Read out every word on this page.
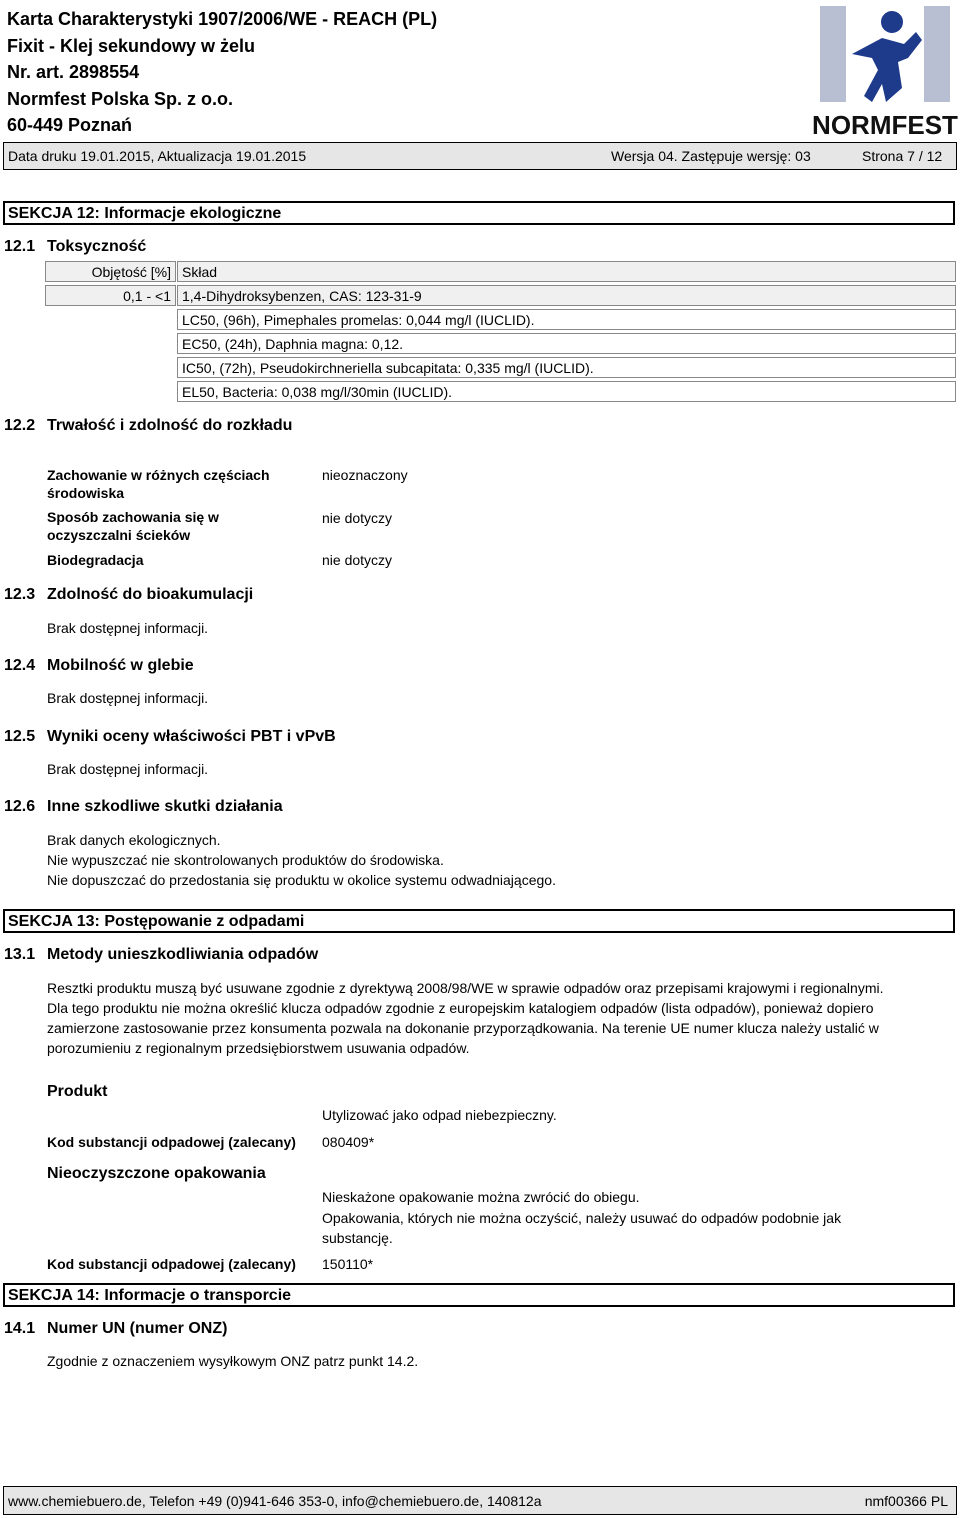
Karta Charakterystyki 1907/2006/WE - REACH (PL)
Fixit - Klej sekundowy w żelu
Nr. art. 2898554
Normfest Polska Sp. z o.o.
60-449 Poznań	NORMFEST
Data druku 19.01.2015, Aktualizacja 19.01.2015	Wersja 04. Zastępuje wersję: 03	Strona 7 / 12
SEKCJA 12: Informacje ekologiczne
12.1 Toksyczność
Objętość [%] Skład
0,1 - <1 1,4-Dihydroksybenzen, CAS: 123-31-9
LC50, (96h), Pimephales promelas: 0,044 mg/l (IUCLID).
EC50, (24h), Daphnia magna: 0,12.
IC50, (72h), Pseudokirchneriella subcapitata: 0,335 mg/l (IUCLID).
EL50, Bacteria: 0,038 mg/l/30min (IUCLID).
12.2 Trwałość i zdolność do rozkładu
Zachowanie w różnych częściach
środowiska
nieoznaczony
Sposób zachowania się w
oczyszczalni ścieków
nie dotyczy
Biodegradacja	nie dotyczy
12.3 Zdolność do bioakumulacji
Brak dostępnej informacji.
12.4 Mobilność w glebie
Brak dostępnej informacji.
12.5 Wyniki oceny właściwości PBT i vPvB
Brak dostępnej informacji.
12.6 Inne szkodliwe skutki działania
Brak danych ekologicznych.
Nie wypuszczać nie skontrolowanych produktów do środowiska.
Nie dopuszczać do przedostania się produktu w okolice systemu odwadniającego.
SEKCJA 13: Postępowanie z odpadami
13.1 Metody unieszkodliwiania odpadów
Resztki produktu muszą być usuwane zgodnie z dyrektywą 2008/98/WE w sprawie odpadów oraz przepisami krajowymi i regionalnymi.
Dla tego produktu nie można określić klucza odpadów zgodnie z europejskim katalogiem odpadów (lista odpadów), ponieważ dopiero
zamierzone zastosowanie przez konsumenta pozwala na dokonanie przyporządkowania. Na terenie UE numer klucza należy ustalić w
porozumieniu z regionalnym przedsiębiorstwem usuwania odpadów.
Produkt
Utylizować jako odpad niebezpieczny.
Kod substancji odpadowej (zalecany) 080409*
Nieoczyszczone opakowania
Nieskażone opakowanie można zwrócić do obiegu.
Opakowania, których nie można oczyścić, należy usuwać do odpadów podobnie jak
substancję.
Kod substancji odpadowej (zalecany) 150110*
SEKCJA 14: Informacje o transporcie
14.1 Numer UN (numer ONZ)
Zgodnie z oznaczeniem wysyłkowym ONZ patrz punkt 14.2.
www.chemiebuero.de, Telefon +49 (0)941-646 353-0, info@chemiebuero.de, 140812a	nmf00366 PL
